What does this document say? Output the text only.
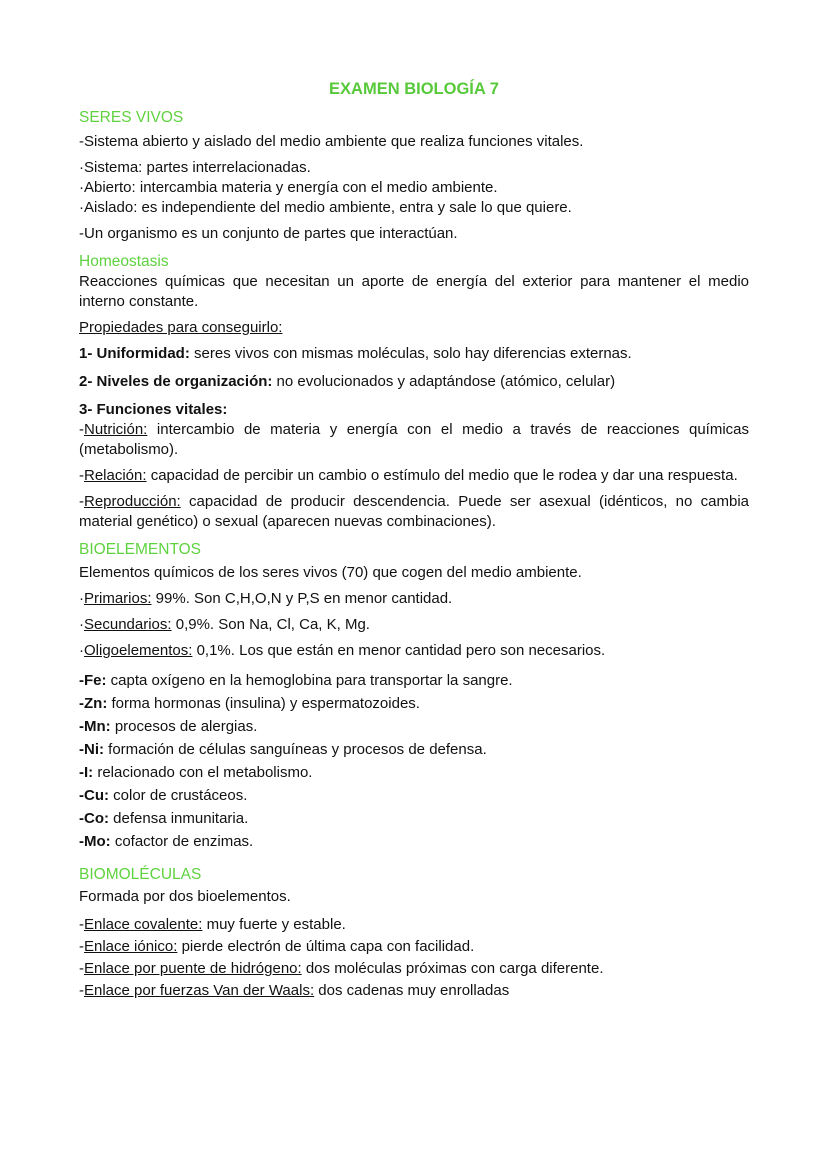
EXAMEN BIOLOGÍA 7
SERES VIVOS

-Sistema abierto y aislado del medio ambiente que realiza funciones vitales.

·Sistema: partes interrelacionadas.

·Abierto: intercambia materia y energía con el medio ambiente.

·Aislado: es independiente del medio ambiente, entra y sale lo que quiere.

-Un organismo es un conjunto de partes que interactúan.

Homeostasis

Reacciones químicas que necesitan un aporte de energía del exterior para mantener el medio interno constante.

Propiedades para conseguirlo:

1- Uniformidad: seres vivos con mismas moléculas, solo hay diferencias externas.

2- Niveles de organización: no evolucionados y adaptándose (atómico, celular)

3- Funciones vitales:

-Nutrición: intercambio de materia y energía con el medio a través de reacciones químicas (metabolismo).

-Relación: capacidad de percibir un cambio o estímulo del medio que le rodea y dar una respuesta.

-Reproducción: capacidad de producir descendencia. Puede ser asexual (idénticos, no cambia material genético) o sexual (aparecen nuevas combinaciones).

BIOELEMENTOS

Elementos químicos de los seres vivos (70) que cogen del medio ambiente.

·Primarios: 99%. Son C,H,O,N y P,S en menor cantidad.

·Secundarios: 0,9%. Son Na, Cl, Ca, K, Mg.

·Oligoelementos: 0,1%. Los que están en menor cantidad pero son necesarios.

-Fe: capta oxígeno en la hemoglobina para transportar la sangre.

-Zn: forma hormonas (insulina) y espermatozoides.

-Mn: procesos de alergias.

-Ni: formación de células sanguíneas y procesos de defensa.

-I: relacionado con el metabolismo.

-Cu: color de crustáceos.

-Co: defensa inmunitaria.

-Mo: cofactor de enzimas.

BIOMOLÉCULAS

Formada por dos bioelementos.

-Enlace covalente: muy fuerte y estable.

-Enlace iónico: pierde electrón de última capa con facilidad.

-Enlace por puente de hidrógeno: dos moléculas próximas con carga diferente.

-Enlace por fuerzas Van der Waals: dos cadenas muy enrolladas
